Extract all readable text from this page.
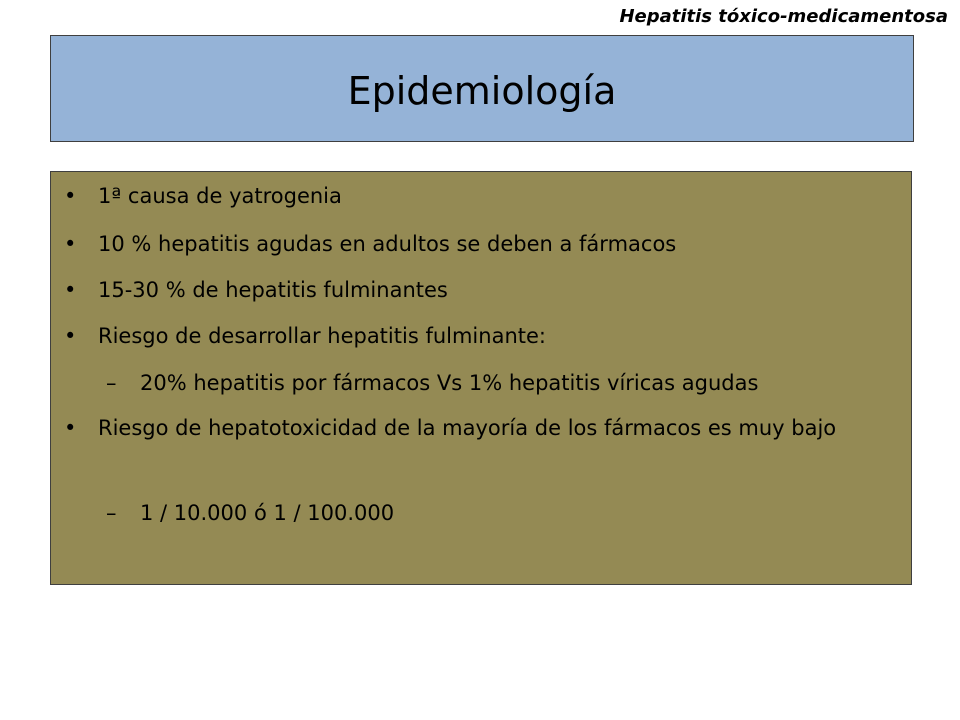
Hepatitis tóxico-medicamentosa
Epidemiología
•	1ª causa de yatrogenia
•	10 % hepatitis agudas en adultos se deben a fármacos
•	15-30 % de hepatitis fulminantes
•	Riesgo de desarrollar hepatitis fulminante:
–	20% hepatitis por fármacos Vs 1% hepatitis víricas agudas
•	Riesgo de hepatotoxicidad de la mayoría de los fármacos es muy bajo
–	1 / 10.000 ó 1 / 100.000
